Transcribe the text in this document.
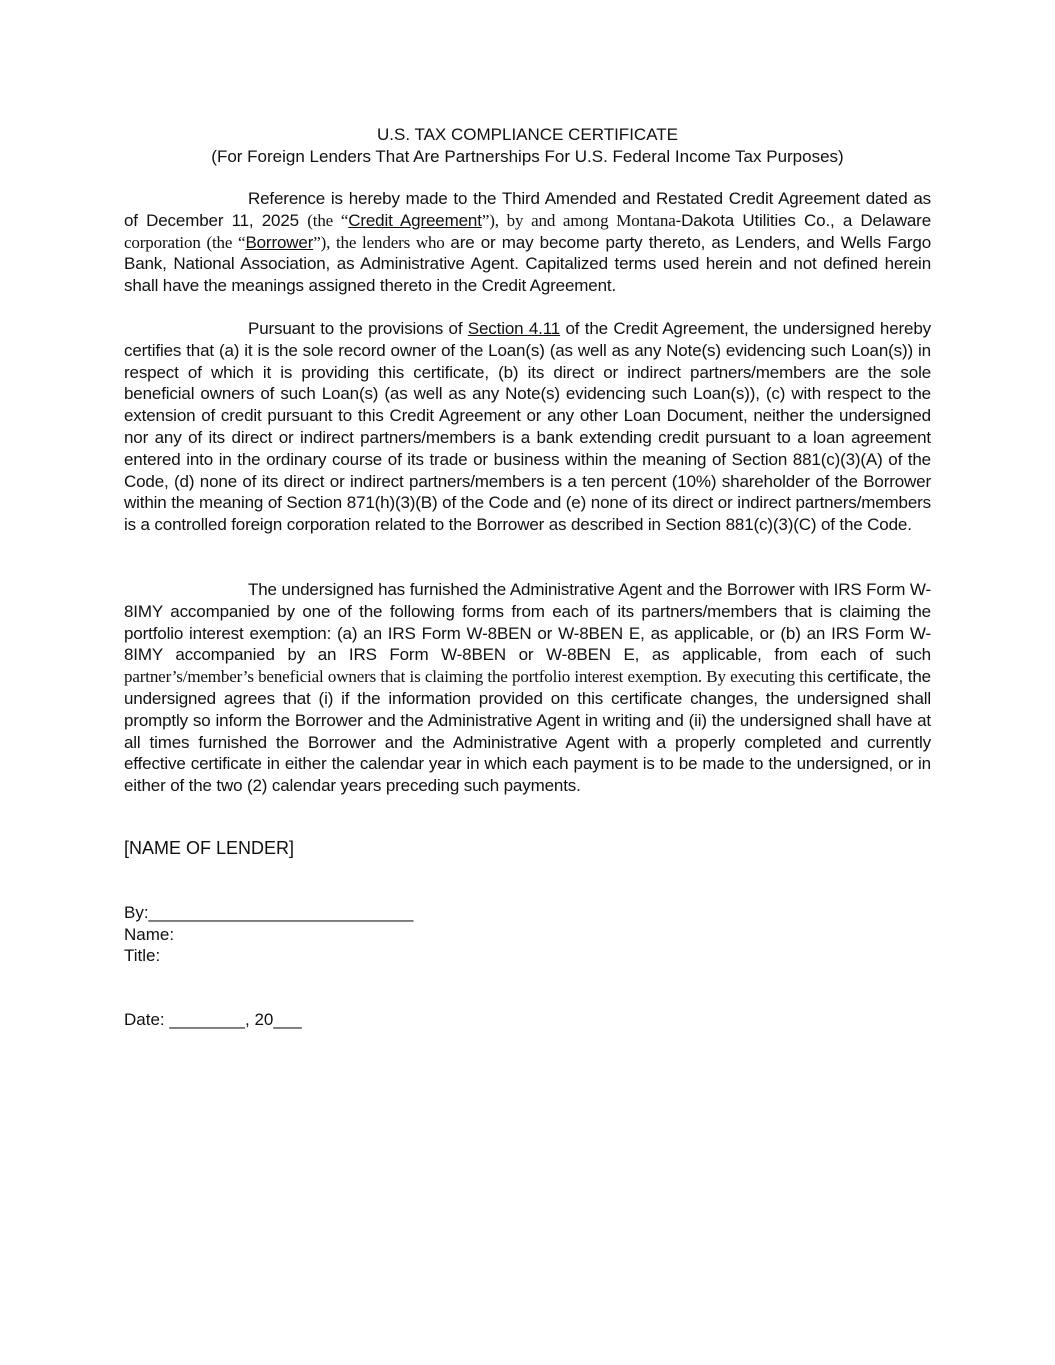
U.S. TAX COMPLIANCE CERTIFICATE
(For Foreign Lenders That Are Partnerships For U.S. Federal Income Tax Purposes)

Reference is hereby made to the Third Amended and Restated Credit Agreement dated as of December 11, 2025 (the “Credit Agreement”), by and among Montana-Dakota Utilities Co., a Delaware corporation (the “Borrower”), the lenders who are or may become party thereto, as Lenders, and Wells Fargo Bank, National Association, as Administrative Agent. Capitalized terms used herein and not defined herein shall have the meanings assigned thereto in the Credit Agreement.

Pursuant to the provisions of Section 4.11 of the Credit Agreement, the undersigned hereby certifies that (a) it is the sole record owner of the Loan(s) (as well as any Note(s) evidencing such Loan(s)) in respect of which it is providing this certificate, (b) its direct or indirect partners/members are the sole beneficial owners of such Loan(s) (as well as any Note(s) evidencing such Loan(s)), (c) with respect to the extension of credit pursuant to this Credit Agreement or any other Loan Document, neither the undersigned nor any of its direct or indirect partners/members is a bank extending credit pursuant to a loan agreement entered into in the ordinary course of its trade or business within the meaning of Section 881(c)(3)(A) of the Code, (d) none of its direct or indirect partners/members is a ten percent (10%) shareholder of the Borrower within the meaning of Section 871(h)(3)(B) of the Code and (e) none of its direct or indirect partners/members is a controlled foreign corporation related to the Borrower as described in Section 881(c)(3)(C) of the Code.

The undersigned has furnished the Administrative Agent and the Borrower with IRS Form W-8IMY accompanied by one of the following forms from each of its partners/members that is claiming the portfolio interest exemption: (a) an IRS Form W-8BEN or W-8BEN E, as applicable, or (b) an IRS Form W-8IMY accompanied by an IRS Form W-8BEN or W-8BEN E, as applicable, from each of such partner’s/member’s beneficial owners that is claiming the portfolio interest exemption. By executing this certificate, the undersigned agrees that (i) if the information provided on this certificate changes, the undersigned shall promptly so inform the Borrower and the Administrative Agent in writing and (ii) the undersigned shall have at all times furnished the Borrower and the Administrative Agent with a properly completed and currently effective certificate in either the calendar year in which each payment is to be made to the undersigned, or in either of the two (2) calendar years preceding such payments.

[NAME OF LENDER]
By:____________________________
Name:
Title:
Date: ________, 20___
